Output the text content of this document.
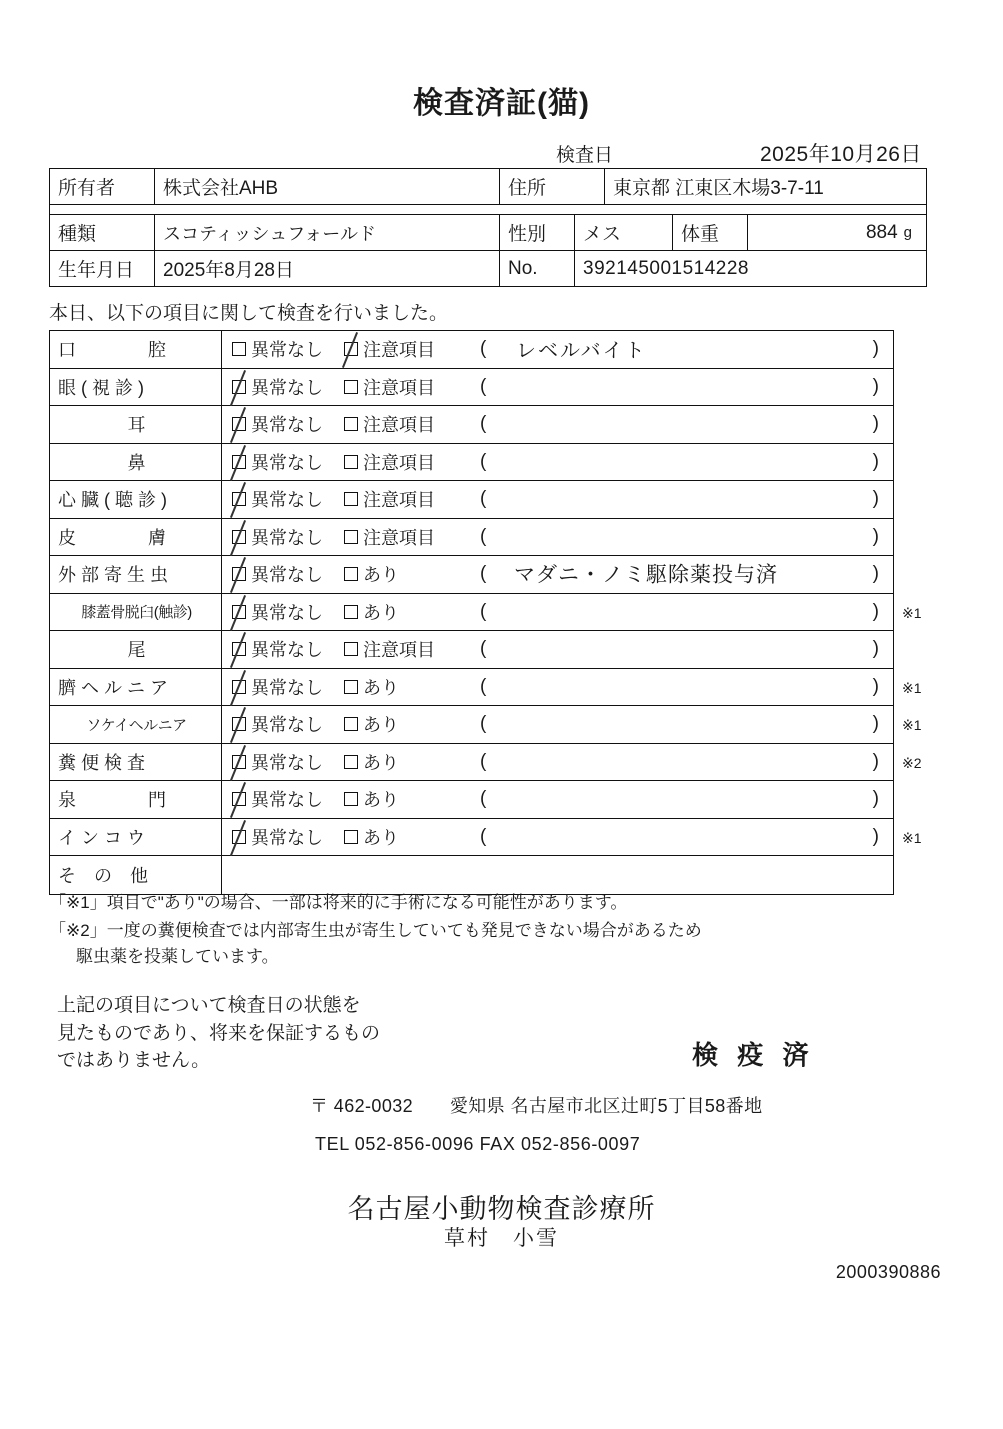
検査済証(猫)
検査日	2025年10月26日
所有者	株式会社AHB	住所	東京都 江東区木場3-7-11
種類	スコティッシュフォールド	性別	メス	体重	884 g
生年月日	2025年8月28日	No.	392145001514228
本日、以下の項目に関して検査を行いました。
口　　　　腔	異常なし 注意項目 ( レベルバイト	)
眼 ( 視 診 )	異常なし 注意項目 (	)
耳	異常なし 注意項目 (	)
鼻	異常なし 注意項目 (	)
心 臓 ( 聴 診 )	異常なし 注意項目 (	)
皮　　　　膚	異常なし 注意項目 (	)
外 部 寄 生 虫	異常なし あり	( マダニ・ノミ駆除薬投与済	)
膝蓋骨脱臼(触診)	異常なし あり	(	) ※1
尾	異常なし 注意項目 (	)
臍 ヘ ル ニ ア	異常なし あり	(	) ※1
ソケイヘルニア	異常なし あり	(	) ※1
糞 便 検 査	異常なし あり	(	) ※2
泉　　　　門	異常なし あり	(	)
イ ン コ ウ	異常なし あり	(	) ※1
そ　の　他
「※1」項目で"あり"の場合、一部は将来的に手術になる可能性があります。
「※2」一度の糞便検査では内部寄生虫が寄生していても発見できない場合があるため
駆虫薬を投薬しています。
上記の項目について検査日の状態を
見たものであり、将来を保証するもの
ではありません。	検 疫 済
〒 462-0032　　愛知県 名古屋市北区辻町5丁目58番地
TEL 052-856-0096 FAX 052-856-0097
名古屋小動物検査診療所
草村　小雪
2000390886
